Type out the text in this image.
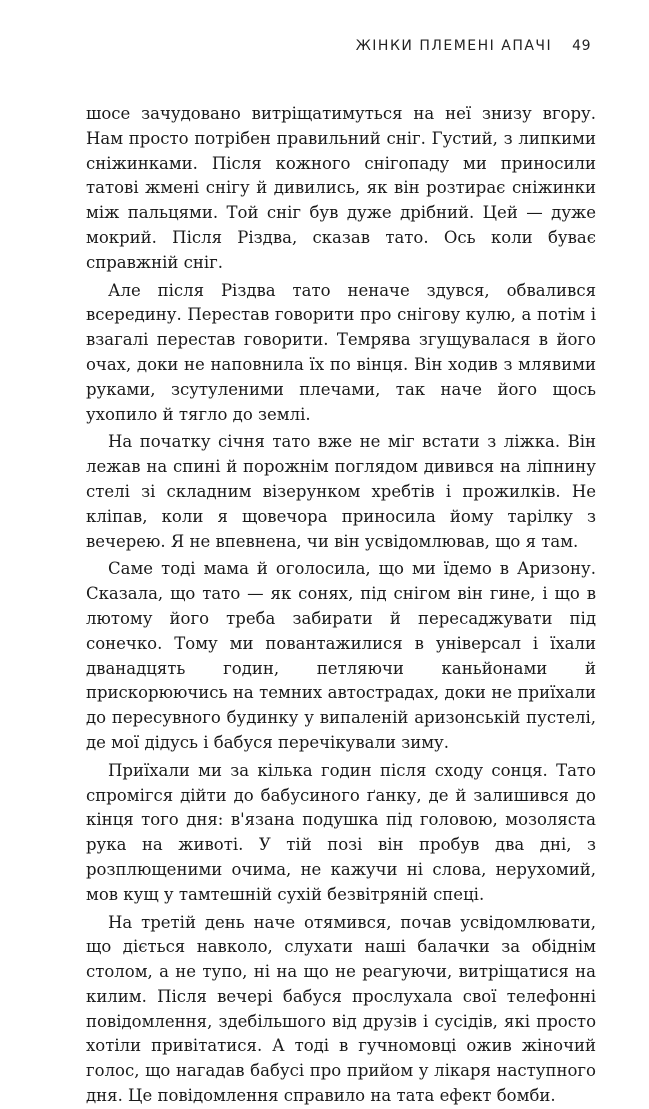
ЖІНКИ ПЛЕМЕНІ АПАЧІ 49

шосе зачудовано витріщатимуться на неї знизу вгору. Нам просто потрібен правильний сніг. Густий, з липкими сніжинками. Після кожного снігопаду ми приносили татові жмені снігу й дивились, як він розтирає сніжинки між пальцями. Той сніг був дуже дрібний. Цей — дуже мокрий. Після Різдва, сказав тато. Ось коли буває справжній сніг.

Але після Різдва тато неначе здувся, обвалився всередину. Перестав говорити про снігову кулю, а потім і взагалі перестав говорити. Темрява згущувалася в його очах, доки не наповнила їх по вінця. Він ходив з млявими руками, зсутуленими плечами, так наче його щось ухопило й тягло до землі.

На початку січня тато вже не міг встати з ліжка. Він лежав на спині й порожнім поглядом дивився на ліпнину стелі зі складним візерунком хребтів і прожилків. Не кліпав, коли я щовечора приносила йому тарілку з вечерею. Я не впевнена, чи він усвідомлював, що я там.

Саме тоді мама й оголосила, що ми їдемо в Аризону. Сказала, що тато — як сонях, під снігом він гине, і що в лютому його треба забирати й пересаджувати під сонечко. Тому ми повантажилися в універсал і їхали дванадцять годин, петляючи каньйонами й прискорюючись на темних автострадах, доки не приїхали до пересувного будинку у випаленій аризонській пустелі, де мої дідусь і бабуся перечікували зиму.

Приїхали ми за кілька годин після сходу сонця. Тато спромігся дійти до бабусиного ґанку, де й залишився до кінця того дня: в'язана подушка під головою, мозоляста рука на животі. У тій позі він пробув два дні, з розплющеними очима, не кажучи ні слова, нерухомий, мов кущ у тамтешній сухій безвітряній спеці.

На третій день наче отямився, почав усвідомлювати, що діється навколо, слухати наші балачки за обіднім столом, а не тупо, ні на що не реагуючи, витріщатися на килим. Після вечері бабуся прослухала свої телефонні повідомлення, здебільшого від друзів і сусідів, які просто хотіли привітатися. А тоді в гучномовці ожив жіночий голос, що нагадав бабусі про прийом у лікаря наступного дня. Це повідомлення справило на тата ефект бомби.
